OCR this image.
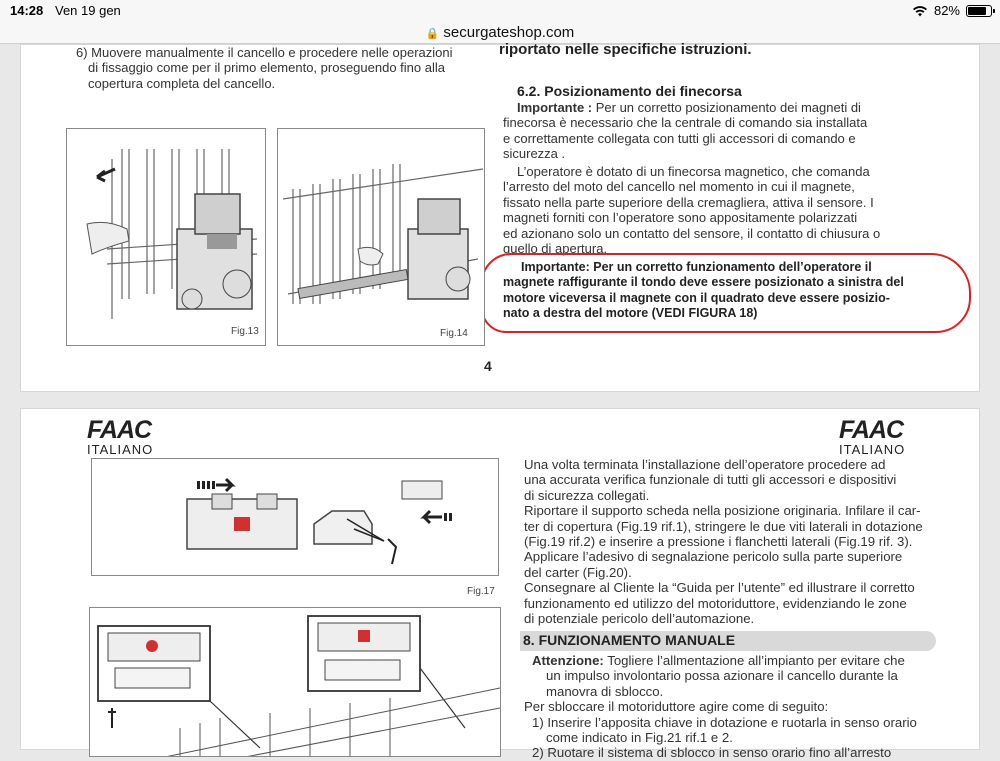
14:28 Ven 19 gen	82%
🔒 securgateshop.com
6) Muovere manualmente il cancello e procedere nelle operazioni
di fissaggio come per il primo elemento, proseguendo fino alla
copertura completa del cancello.
riportato nelle specifiche istruzioni.
6.2. Posizionamento dei finecorsa
Importante : Per un corretto posizionamento dei magneti di
finecorsa è necessario che la centrale di comando sia installata
e correttamente collegata con tutti gli accessori di comando e
sicurezza .
L’operatore è dotato di un finecorsa magnetico, che comanda
l’arresto del moto del cancello nel momento in cui il magnete,
fissato nella parte superiore della cremagliera, attiva il sensore. I
magneti forniti con l’operatore sono appositamente polarizzati
ed azionano solo un contatto del sensore, il contatto di chiusura o
quello di apertura.
Importante: Per un corretto funzionamento dell’operatore il
magnete raffigurante il tondo deve essere posizionato a sinistra del
motore viceversa il magnete con il quadrato deve essere posizio-
nato a destra del motore (VEDI FIGURA 18)
Fig.13	Fig.14
4
FAAC
ITALIANO
FAAC
ITALIANO
Fig.17
Una volta terminata l’installazione dell’operatore procedere ad
una accurata verifica funzionale di tutti gli accessori e dispositivi
di sicurezza collegati.
Riportare il supporto scheda nella posizione originaria. Infilare il car-
ter di copertura (Fig.19 rif.1), stringere le due viti laterali in dotazione
(Fig.19 rif.2) e inserire a pressione i flanchetti laterali (Fig.19 rif. 3).
Applicare l’adesivo di segnalazione pericolo sulla parte superiore
del carter (Fig.20).
Consegnare al Cliente la “Guida per l’utente” ed illustrare il corretto
funzionamento ed utilizzo del motoriduttore, evidenziando le zone
di potenziale pericolo dell’automazione.
8. FUNZIONAMENTO MANUALE
Attenzione: Togliere l’allmentazione all’impianto per evitare che
un impulso involontario possa azionare il cancello durante la
manovra di sblocco.
Per sbloccare il motoriduttore agire come di seguito:
1) Inserire l’apposita chiave in dotazione e ruotarla in senso orario
come indicato in Fig.21 rif.1 e 2.
2) Ruotare il sistema di sblocco in senso orario fino all’arresto
